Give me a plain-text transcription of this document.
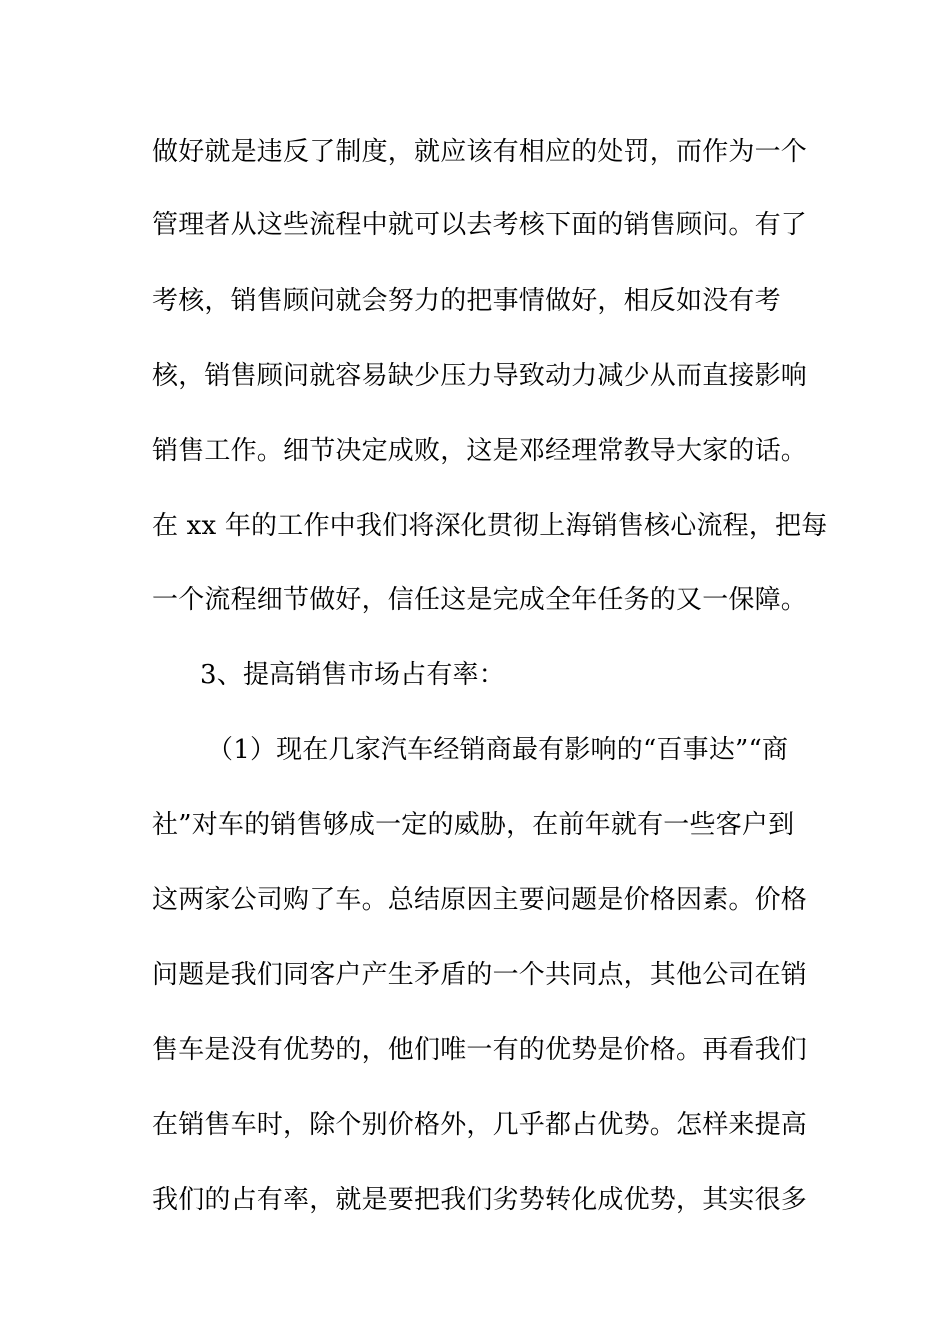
做好就是违反了制度，就应该有相应的处罚，而作为一个
管理者从这些流程中就可以去考核下面的销售顾问。有了
考核，销售顾问就会努力的把事情做好，相反如没有考
核，销售顾问就容易缺少压力导致动力减少从而直接影响
销售工作。细节决定成败，这是邓经理常教导大家的话。
在 xx 年的工作中我们将深化贯彻上海销售核心流程，把每
一个流程细节做好，信任这是完成全年任务的又一保障。
3、提高销售市场占有率：
（1）现在几家汽车经销商最有影响的“百事达”“商
社”对车的销售够成一定的威胁，在前年就有一些客户到
这两家公司购了车。总结原因主要问题是价格因素。价格
问题是我们同客户产生矛盾的一个共同点，其他公司在销
售车是没有优势的，他们唯一有的优势是价格。再看我们
在销售车时，除个别价格外，几乎都占优势。怎样来提高
我们的占有率，就是要把我们劣势转化成优势，其实很多
